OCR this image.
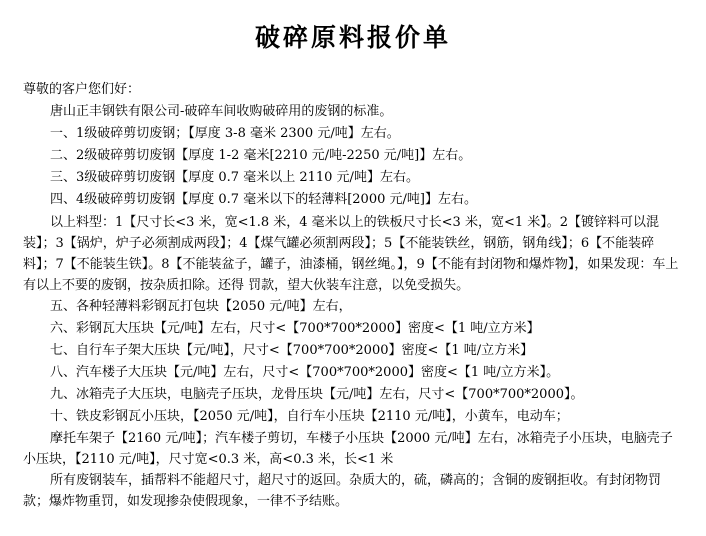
破碎原料报价单

尊敬的客户您们好：

唐山正丰钢铁有限公司-破碎车间收购破碎用的废钢的标准。

一、1级破碎剪切废钢；【厚度 3-8 毫米 2300 元/吨】左右。

二、2级破碎剪切废钢【厚度 1-2 毫米[2210 元/吨-2250 元/吨]】左右。

三、3级破碎剪切废钢【厚度 0.7 毫米以上 2110 元/吨】左右。

四、4级破碎剪切废钢【厚度 0.7 毫米以下的轻薄料[2000 元/吨]】左右。

以上料型：1【尺寸长<3 米，宽<1.8 米，4 毫米以上的铁板尺寸长<3 米，宽<1 米】。2【镀锌料可以混装】；3【锅炉，炉子必须割成两段】；4【煤气罐必须割两段】；5【不能装铁丝，钢筋，钢角线】；6【不能装碎料】；7【不能装生铁】。8【不能装盆子，罐子，油漆桶，钢丝绳。】，9【不能有封闭物和爆炸物】，如果发现：车上有以上不要的废钢，按杂质扣除。还得 罚款，望大伙装车注意，以免受损失。

五、各种轻薄料彩钢瓦打包块【2050 元/吨】左右，

六、彩钢瓦大压块【元/吨】左右，尺寸<【700*700*2000】密度<【1 吨/立方米】

七、自行车子架大压块【元/吨】，尺寸<【700*700*2000】密度<【1 吨/立方米】

八、汽车楼子大压块【元/吨】左右，尺寸<【700*700*2000】密度<【1 吨/立方米】。

九、冰箱壳子大压块，电脑壳子压块，龙骨压块【元/吨】左右，尺寸<【700*700*2000】。

十、铁皮彩钢瓦小压块，【2050 元/吨】，自行车小压块【2110 元/吨】，小黄车，电动车；

摩托车架子【2160 元/吨】；汽车楼子剪切，车楼子小压块【2000 元/吨】左右，冰箱壳子小压块，电脑壳子小压块，【2110 元/吨】，尺寸宽<0.3 米，高<0.3 米，长<1 米

所有废钢装车，插帮料不能超尺寸，超尺寸的返回。杂质大的，硫，磷高的；含铜的废钢拒收。有封闭物罚款；爆炸物重罚，如发现掺杂使假现象，一律不予结账。
